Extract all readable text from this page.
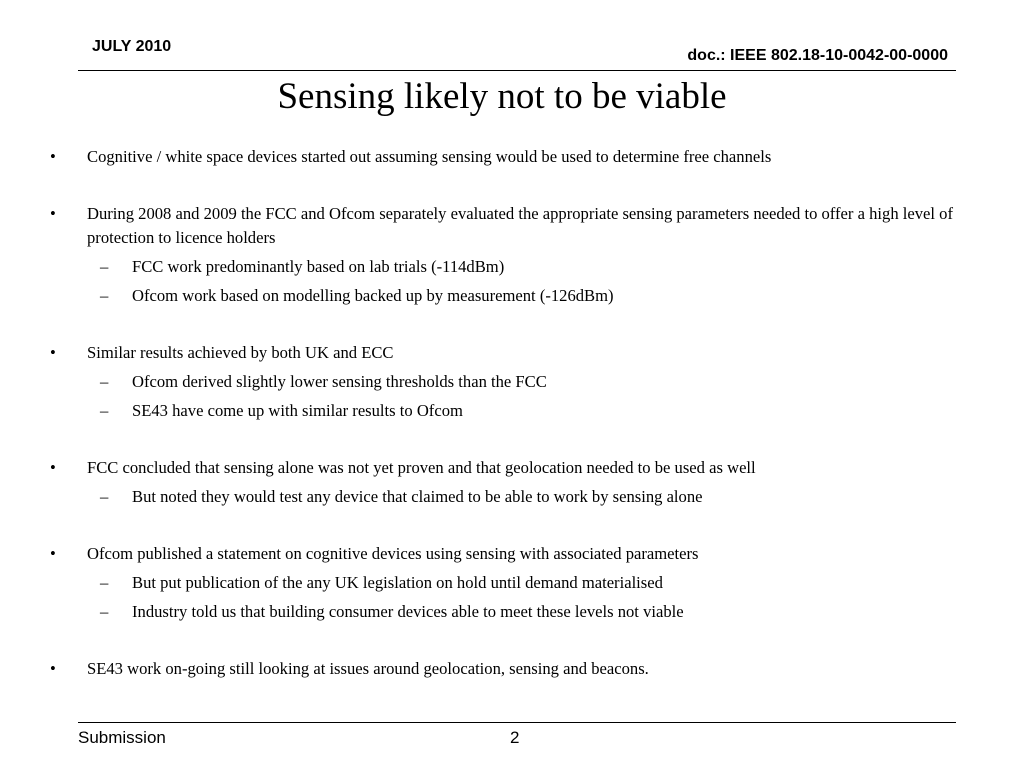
JULY 2010
doc.: IEEE 802.18-10-0042-00-0000
Sensing likely not to be viable
• Cognitive / white space devices started out assuming sensing would be used to determine free channels
• During 2008 and 2009 the FCC and Ofcom separately evaluated the appropriate sensing parameters needed to offer a high level of protection to licence holders
– FCC work predominantly based on lab trials (-114dBm)
– Ofcom work based on modelling backed up by measurement (-126dBm)
• Similar results achieved by both UK and ECC
– Ofcom derived slightly lower sensing thresholds than the FCC
– SE43 have come up with similar results to Ofcom
• FCC concluded that sensing alone was not yet proven and that geolocation needed to be used as well
– But noted they would test any device that claimed to be able to work by sensing alone
• Ofcom published a statement on cognitive devices using sensing with associated parameters
– But put publication of the any UK legislation on hold until demand materialised
– Industry told us that building consumer devices able to meet these levels not viable
• SE43 work on-going still looking at issues around geolocation, sensing and beacons.
Submission	2
